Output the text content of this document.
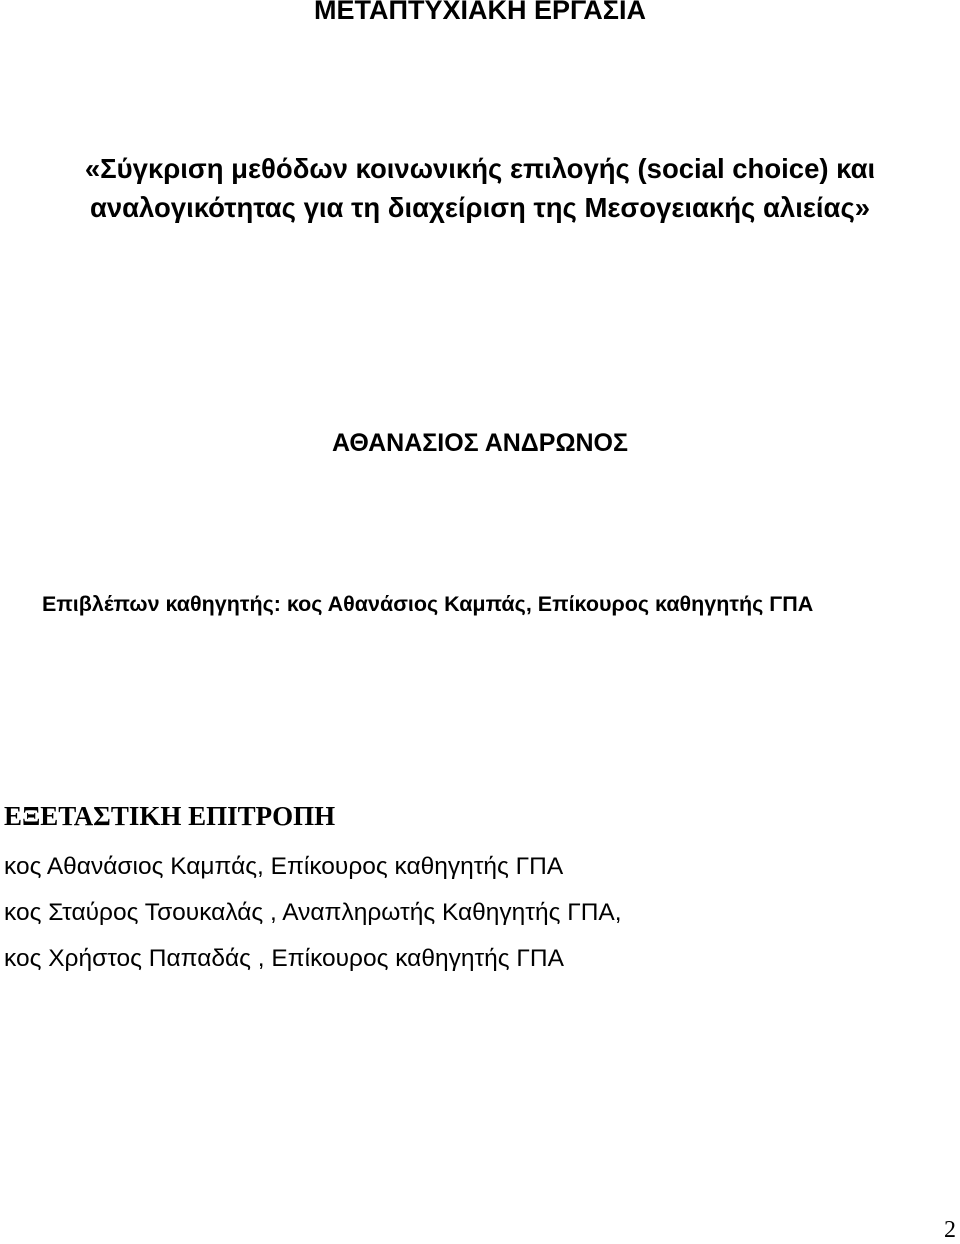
ΜΕΤΑΠΤΥΧΙΑΚΗ ΕΡΓΑΣΙΑ
«Σύγκριση μεθόδων κοινωνικής επιλογής (social choice) και
αναλογικότητας για τη διαχείριση της Μεσογειακής αλιείας»
ΑΘΑΝΑΣΙΟΣ ΑΝΔΡΩΝΟΣ
Επιβλέπων καθηγητής: κος Αθανάσιος Καμπάς, Επίκουρος καθηγητής ΓΠΑ
ΕΞΕΤΑΣΤΙΚΗ ΕΠΙΤΡΟΠΗ
κος Αθανάσιος Καμπάς, Επίκουρος καθηγητής ΓΠΑ
κος Σταύρος Τσουκαλάς , Αναπληρωτής Καθηγητής ΓΠΑ,
κος Χρήστος Παπαδάς , Επίκουρος καθηγητής ΓΠΑ
2
